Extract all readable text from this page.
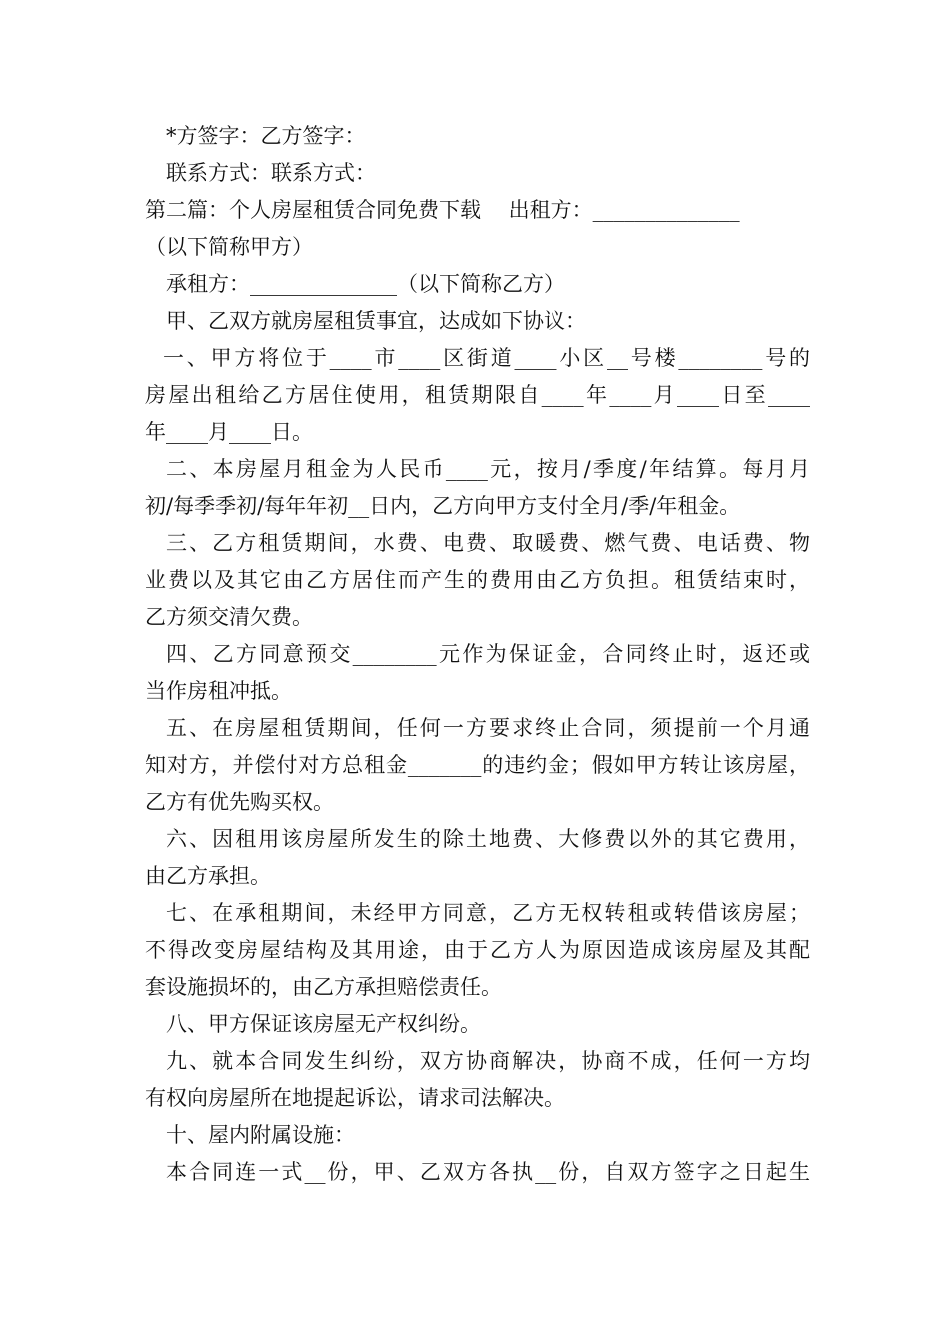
*方签字：乙方签字：
联系方式：联系方式：
第二篇：个人房屋租赁合同免费下载　 出租方：______________
（以下简称甲方）
承租方：______________（以下简称乙方）
甲、乙双方就房屋租赁事宜，达成如下协议：
一、甲方将位于____市____区街道____小区__号楼________号的
房屋出租给乙方居住使用，租赁期限自____年____月____日至____
年____月____日。
二、本房屋月租金为人民币____元，按月/季度/年结算。每月月
初/每季季初/每年年初__日内，乙方向甲方支付全月/季/年租金。
三、乙方租赁期间，水费、电费、取暖费、燃气费、电话费、物
业费以及其它由乙方居住而产生的费用由乙方负担。租赁结束时，
乙方须交清欠费。
四、乙方同意预交________元作为保证金，合同终止时，返还或
当作房租冲抵。
五、在房屋租赁期间，任何一方要求终止合同，须提前一个月通
知对方，并偿付对方总租金_______的违约金；假如甲方转让该房屋，
乙方有优先购买权。
六、因租用该房屋所发生的除土地费、大修费以外的其它费用，
由乙方承担。
七、在承租期间，未经甲方同意，乙方无权转租或转借该房屋；
不得改变房屋结构及其用途，由于乙方人为原因造成该房屋及其配
套设施损坏的，由乙方承担赔偿责任。
八、甲方保证该房屋无产权纠纷。
九、就本合同发生纠纷，双方协商解决，协商不成，任何一方均
有权向房屋所在地提起诉讼，请求司法解决。
十、屋内附属设施：
本合同连一式__份，甲、乙双方各执__份，自双方签字之日起生
